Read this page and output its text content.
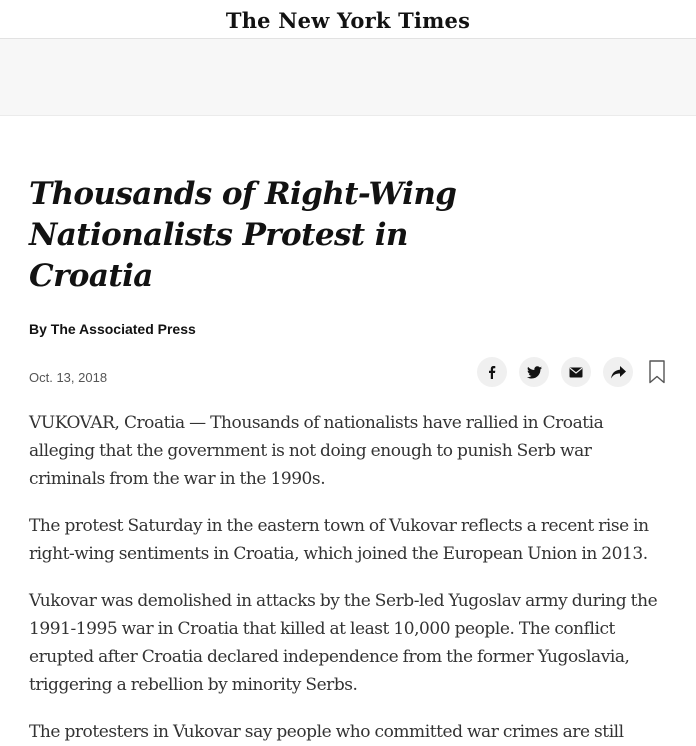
The New York Times
Thousands of Right-Wing
Nationalists Protest in Croatia
By The Associated Press
Oct. 13, 2018

VUKOVAR, Croatia — Thousands of nationalists have rallied in Croatia alleging that the government is not doing enough to punish Serb war criminals from the war in the 1990s.

The protest Saturday in the eastern town of Vukovar reflects a recent rise in right-wing sentiments in Croatia, which joined the European Union in 2013.

Vukovar was demolished in attacks by the Serb-led Yugoslav army during the 1991-1995 war in Croatia that killed at least 10,000 people. The conflict erupted after Croatia declared independence from the former Yugoslavia, triggering a rebellion by minority Serbs.

The protesters in Vukovar say people who committed war crimes are still
